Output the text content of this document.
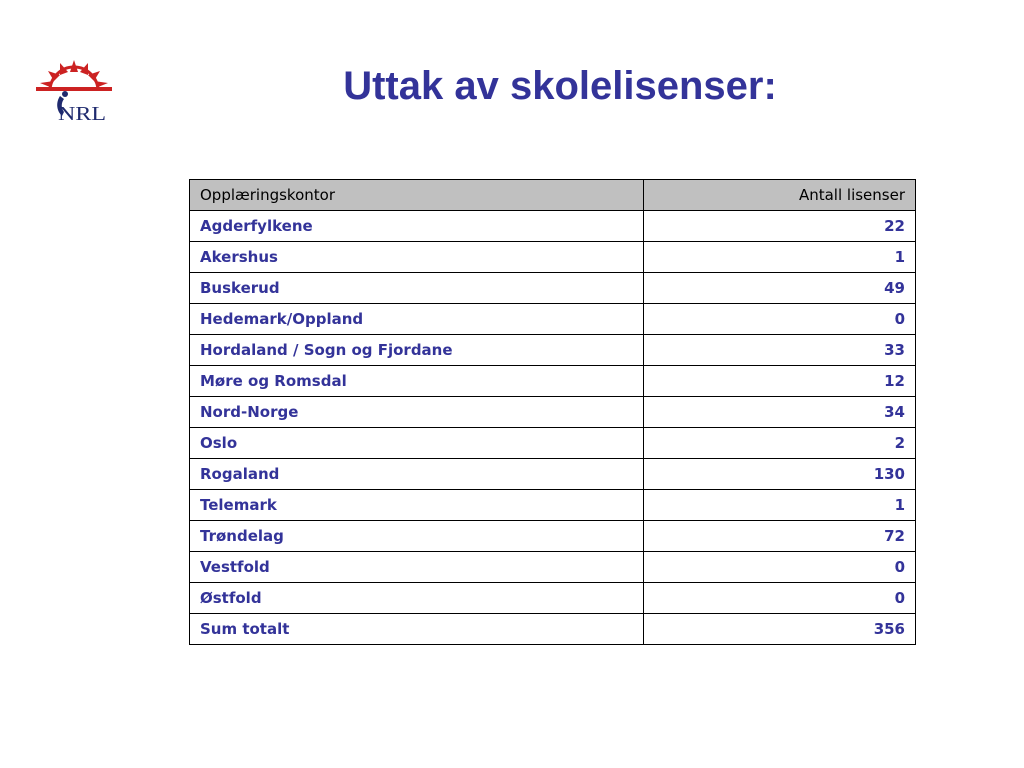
NRL
Uttak av skolelisenser:
Opplæringskontor	Antall lisenser
Agderfylkene	22
Akershus	1
Buskerud	49
Hedemark/Oppland	0
Hordaland / Sogn og Fjordane	33
Møre og Romsdal	12
Nord-Norge	34
Oslo	2
Rogaland	130
Telemark	1
Trøndelag	72
Vestfold	0
Østfold	0
Sum totalt	356
